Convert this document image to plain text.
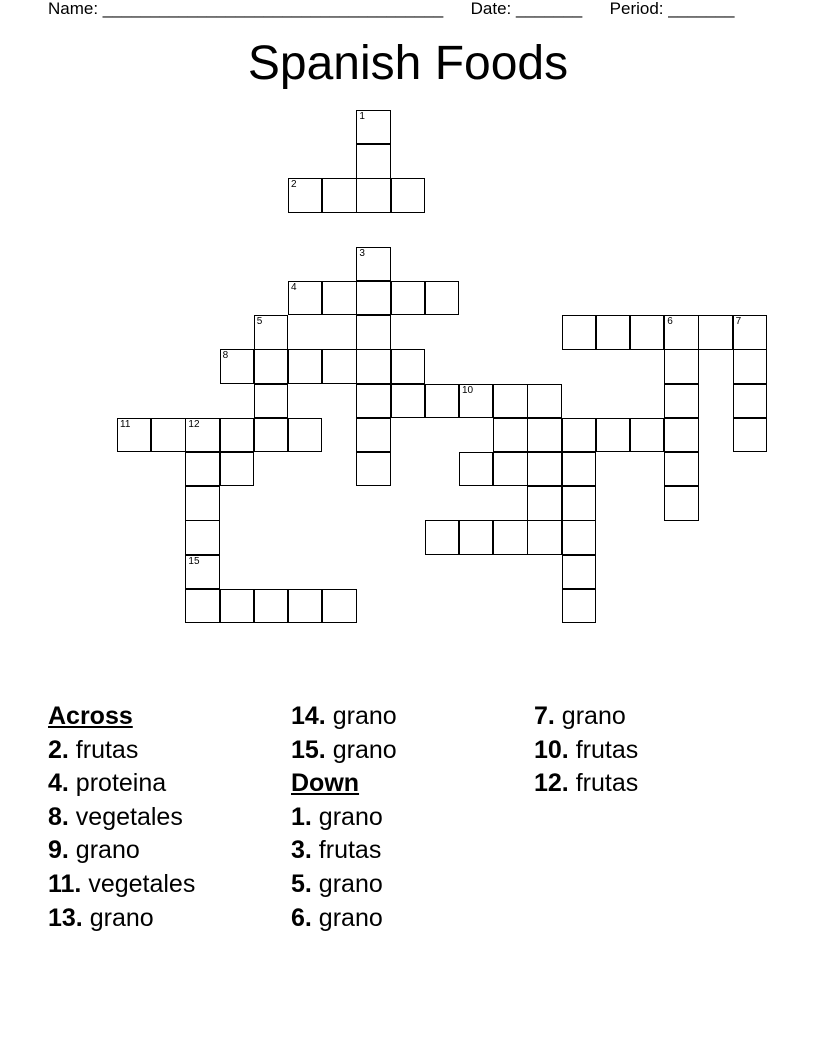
Name: ____________________________________ Date: _______ Period: _______
Spanish Foods
1
3
2
4
5
8
11	12
10
6	7
15
Across
2. frutas
4. proteina
8. vegetales
9. grano
11. vegetales
13. grano
14. grano
15. grano
Down
1. grano
3. frutas
5. grano
6. grano
7. grano
10. frutas
12. frutas
